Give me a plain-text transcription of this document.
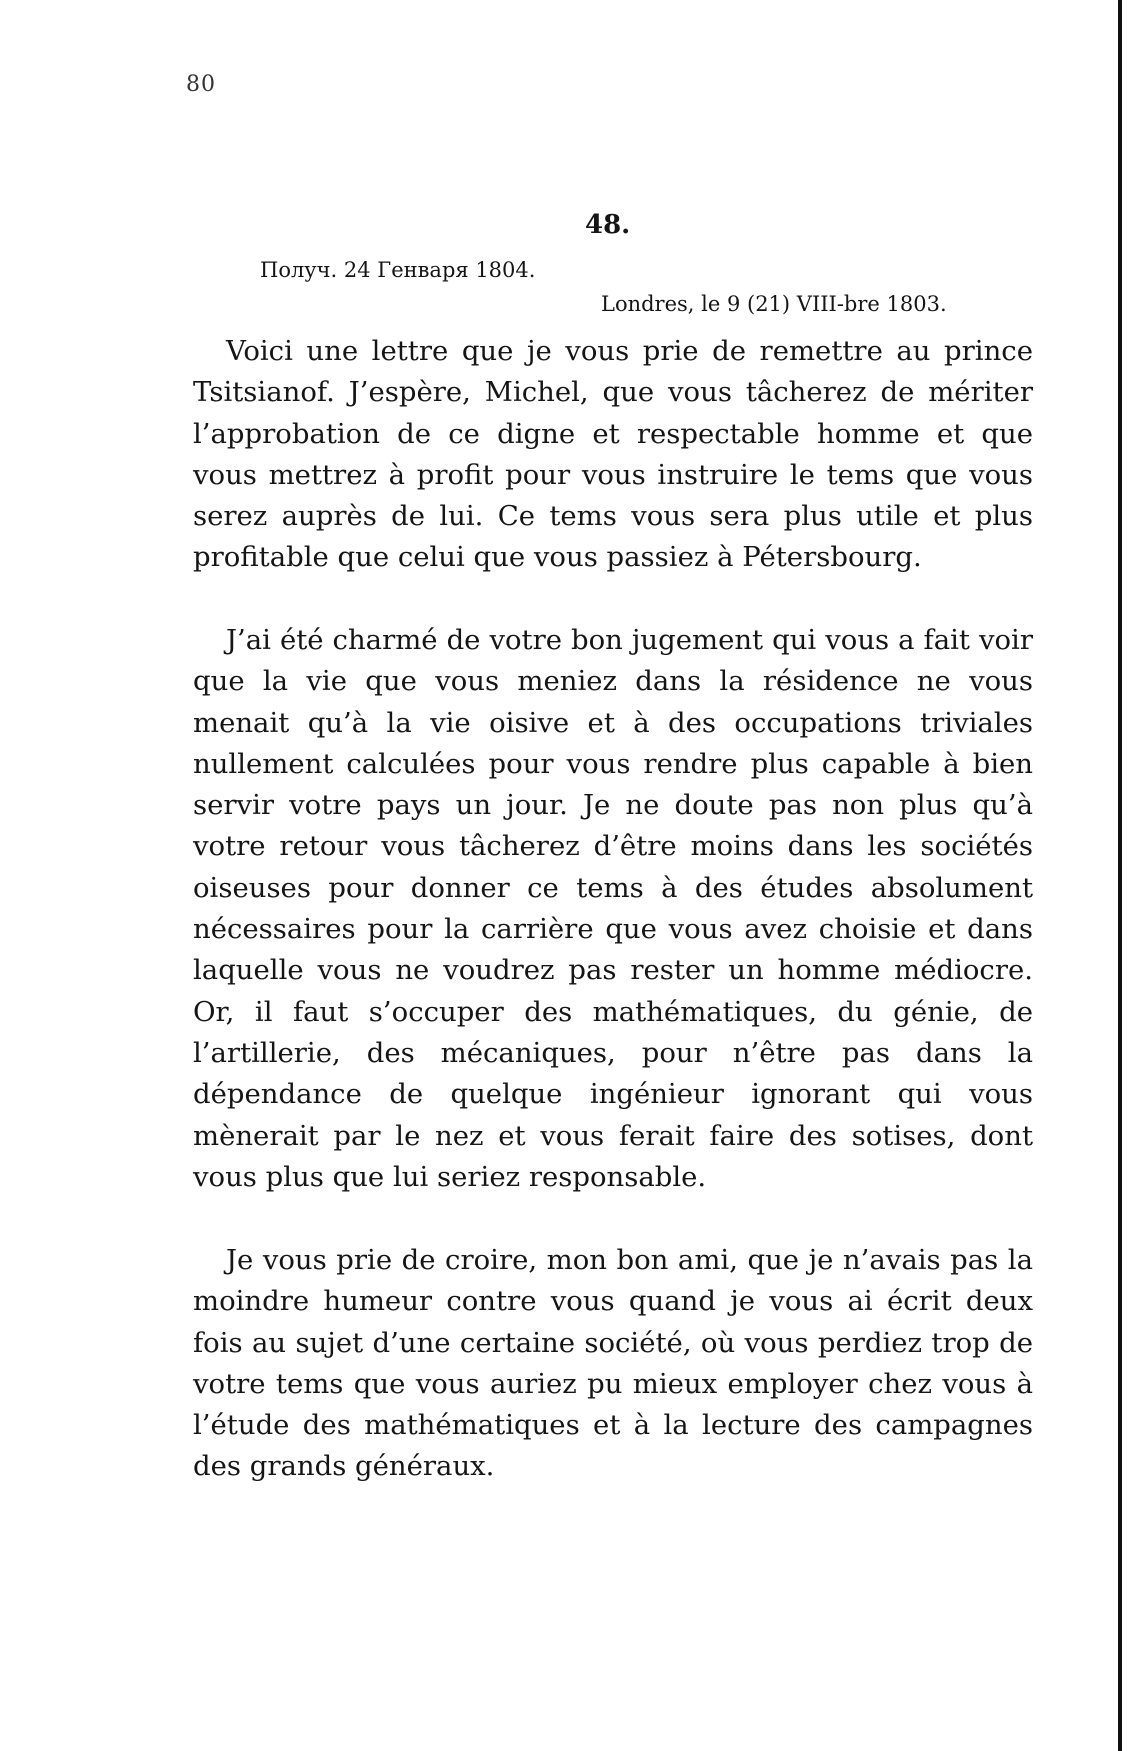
80
48.
Получ. 24 Генваря 1804.
Londres, le 9 (21) VIII-bre 1803.

Voici une lettre que je vous prie de remettre au prince Tsitsianof. J’espère, Michel, que vous tâcherez de mériter l’approbation de ce digne et respectable homme et que vous mettrez à profit pour vous instruire le tems que vous serez auprès de lui. Ce tems vous sera plus utile et plus profitable que celui que vous passiez à Pétersbourg.

J’ai été charmé de votre bon jugement qui vous a fait voir que la vie que vous meniez dans la résidence ne vous menait qu’à la vie oisive et à des occupations triviales nullement calculées pour vous rendre plus capable à bien servir votre pays un jour. Je ne doute pas non plus qu’à votre retour vous tâcherez d’être moins dans les sociétés oiseuses pour donner ce tems à des études absolument nécessaires pour la carrière que vous avez choisie et dans laquelle vous ne voudrez pas rester un homme médiocre. Or, il faut s’occuper des mathématiques, du génie, de l’artillerie, des mécaniques, pour n’être pas dans la dépendance de quelque ingénieur ignorant qui vous mènerait par le nez et vous ferait faire des sotises, dont vous plus que lui seriez responsable.

Je vous prie de croire, mon bon ami, que je n’avais pas la moindre humeur contre vous quand je vous ai écrit deux fois au sujet d’une certaine société, où vous perdiez trop de votre tems que vous auriez pu mieux employer chez vous à l’étude des mathématiques et à la lecture des campagnes des grands généraux.
